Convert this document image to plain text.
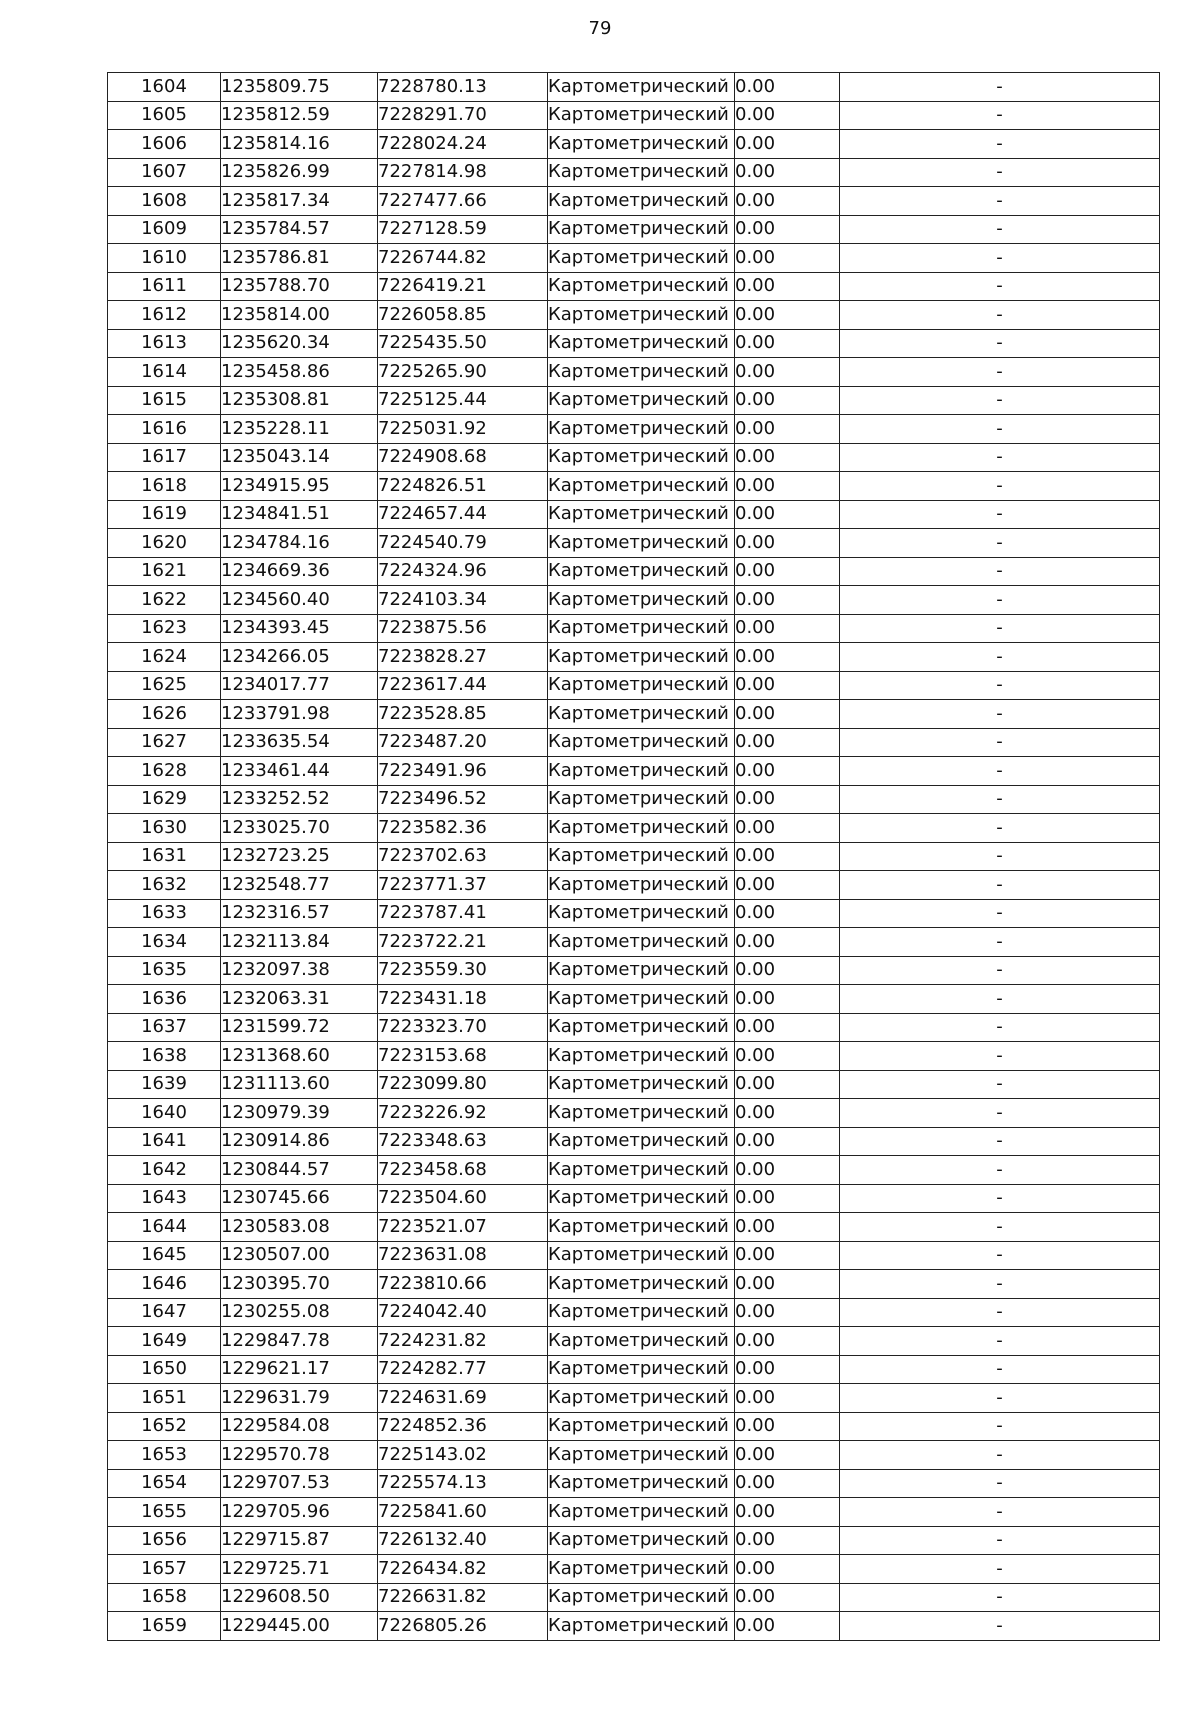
79
1604	1235809.75	7228780.13	Картометрический	0.00	-
1605	1235812.59	7228291.70	Картометрический	0.00	-
1606	1235814.16	7228024.24	Картометрический	0.00	-
1607	1235826.99	7227814.98	Картометрический	0.00	-
1608	1235817.34	7227477.66	Картометрический	0.00	-
1609	1235784.57	7227128.59	Картометрический	0.00	-
1610	1235786.81	7226744.82	Картометрический	0.00	-
1611	1235788.70	7226419.21	Картометрический	0.00	-
1612	1235814.00	7226058.85	Картометрический	0.00	-
1613	1235620.34	7225435.50	Картометрический	0.00	-
1614	1235458.86	7225265.90	Картометрический	0.00	-
1615	1235308.81	7225125.44	Картометрический	0.00	-
1616	1235228.11	7225031.92	Картометрический	0.00	-
1617	1235043.14	7224908.68	Картометрический	0.00	-
1618	1234915.95	7224826.51	Картометрический	0.00	-
1619	1234841.51	7224657.44	Картометрический	0.00	-
1620	1234784.16	7224540.79	Картометрический	0.00	-
1621	1234669.36	7224324.96	Картометрический	0.00	-
1622	1234560.40	7224103.34	Картометрический	0.00	-
1623	1234393.45	7223875.56	Картометрический	0.00	-
1624	1234266.05	7223828.27	Картометрический	0.00	-
1625	1234017.77	7223617.44	Картометрический	0.00	-
1626	1233791.98	7223528.85	Картометрический	0.00	-
1627	1233635.54	7223487.20	Картометрический	0.00	-
1628	1233461.44	7223491.96	Картометрический	0.00	-
1629	1233252.52	7223496.52	Картометрический	0.00	-
1630	1233025.70	7223582.36	Картометрический	0.00	-
1631	1232723.25	7223702.63	Картометрический	0.00	-
1632	1232548.77	7223771.37	Картометрический	0.00	-
1633	1232316.57	7223787.41	Картометрический	0.00	-
1634	1232113.84	7223722.21	Картометрический	0.00	-
1635	1232097.38	7223559.30	Картометрический	0.00	-
1636	1232063.31	7223431.18	Картометрический	0.00	-
1637	1231599.72	7223323.70	Картометрический	0.00	-
1638	1231368.60	7223153.68	Картометрический	0.00	-
1639	1231113.60	7223099.80	Картометрический	0.00	-
1640	1230979.39	7223226.92	Картометрический	0.00	-
1641	1230914.86	7223348.63	Картометрический	0.00	-
1642	1230844.57	7223458.68	Картометрический	0.00	-
1643	1230745.66	7223504.60	Картометрический	0.00	-
1644	1230583.08	7223521.07	Картометрический	0.00	-
1645	1230507.00	7223631.08	Картометрический	0.00	-
1646	1230395.70	7223810.66	Картометрический	0.00	-
1647	1230255.08	7224042.40	Картометрический	0.00	-
1649	1229847.78	7224231.82	Картометрический	0.00	-
1650	1229621.17	7224282.77	Картометрический	0.00	-
1651	1229631.79	7224631.69	Картометрический	0.00	-
1652	1229584.08	7224852.36	Картометрический	0.00	-
1653	1229570.78	7225143.02	Картометрический	0.00	-
1654	1229707.53	7225574.13	Картометрический	0.00	-
1655	1229705.96	7225841.60	Картометрический	0.00	-
1656	1229715.87	7226132.40	Картометрический	0.00	-
1657	1229725.71	7226434.82	Картометрический	0.00	-
1658	1229608.50	7226631.82	Картометрический	0.00	-
1659	1229445.00	7226805.26	Картометрический	0.00	-
